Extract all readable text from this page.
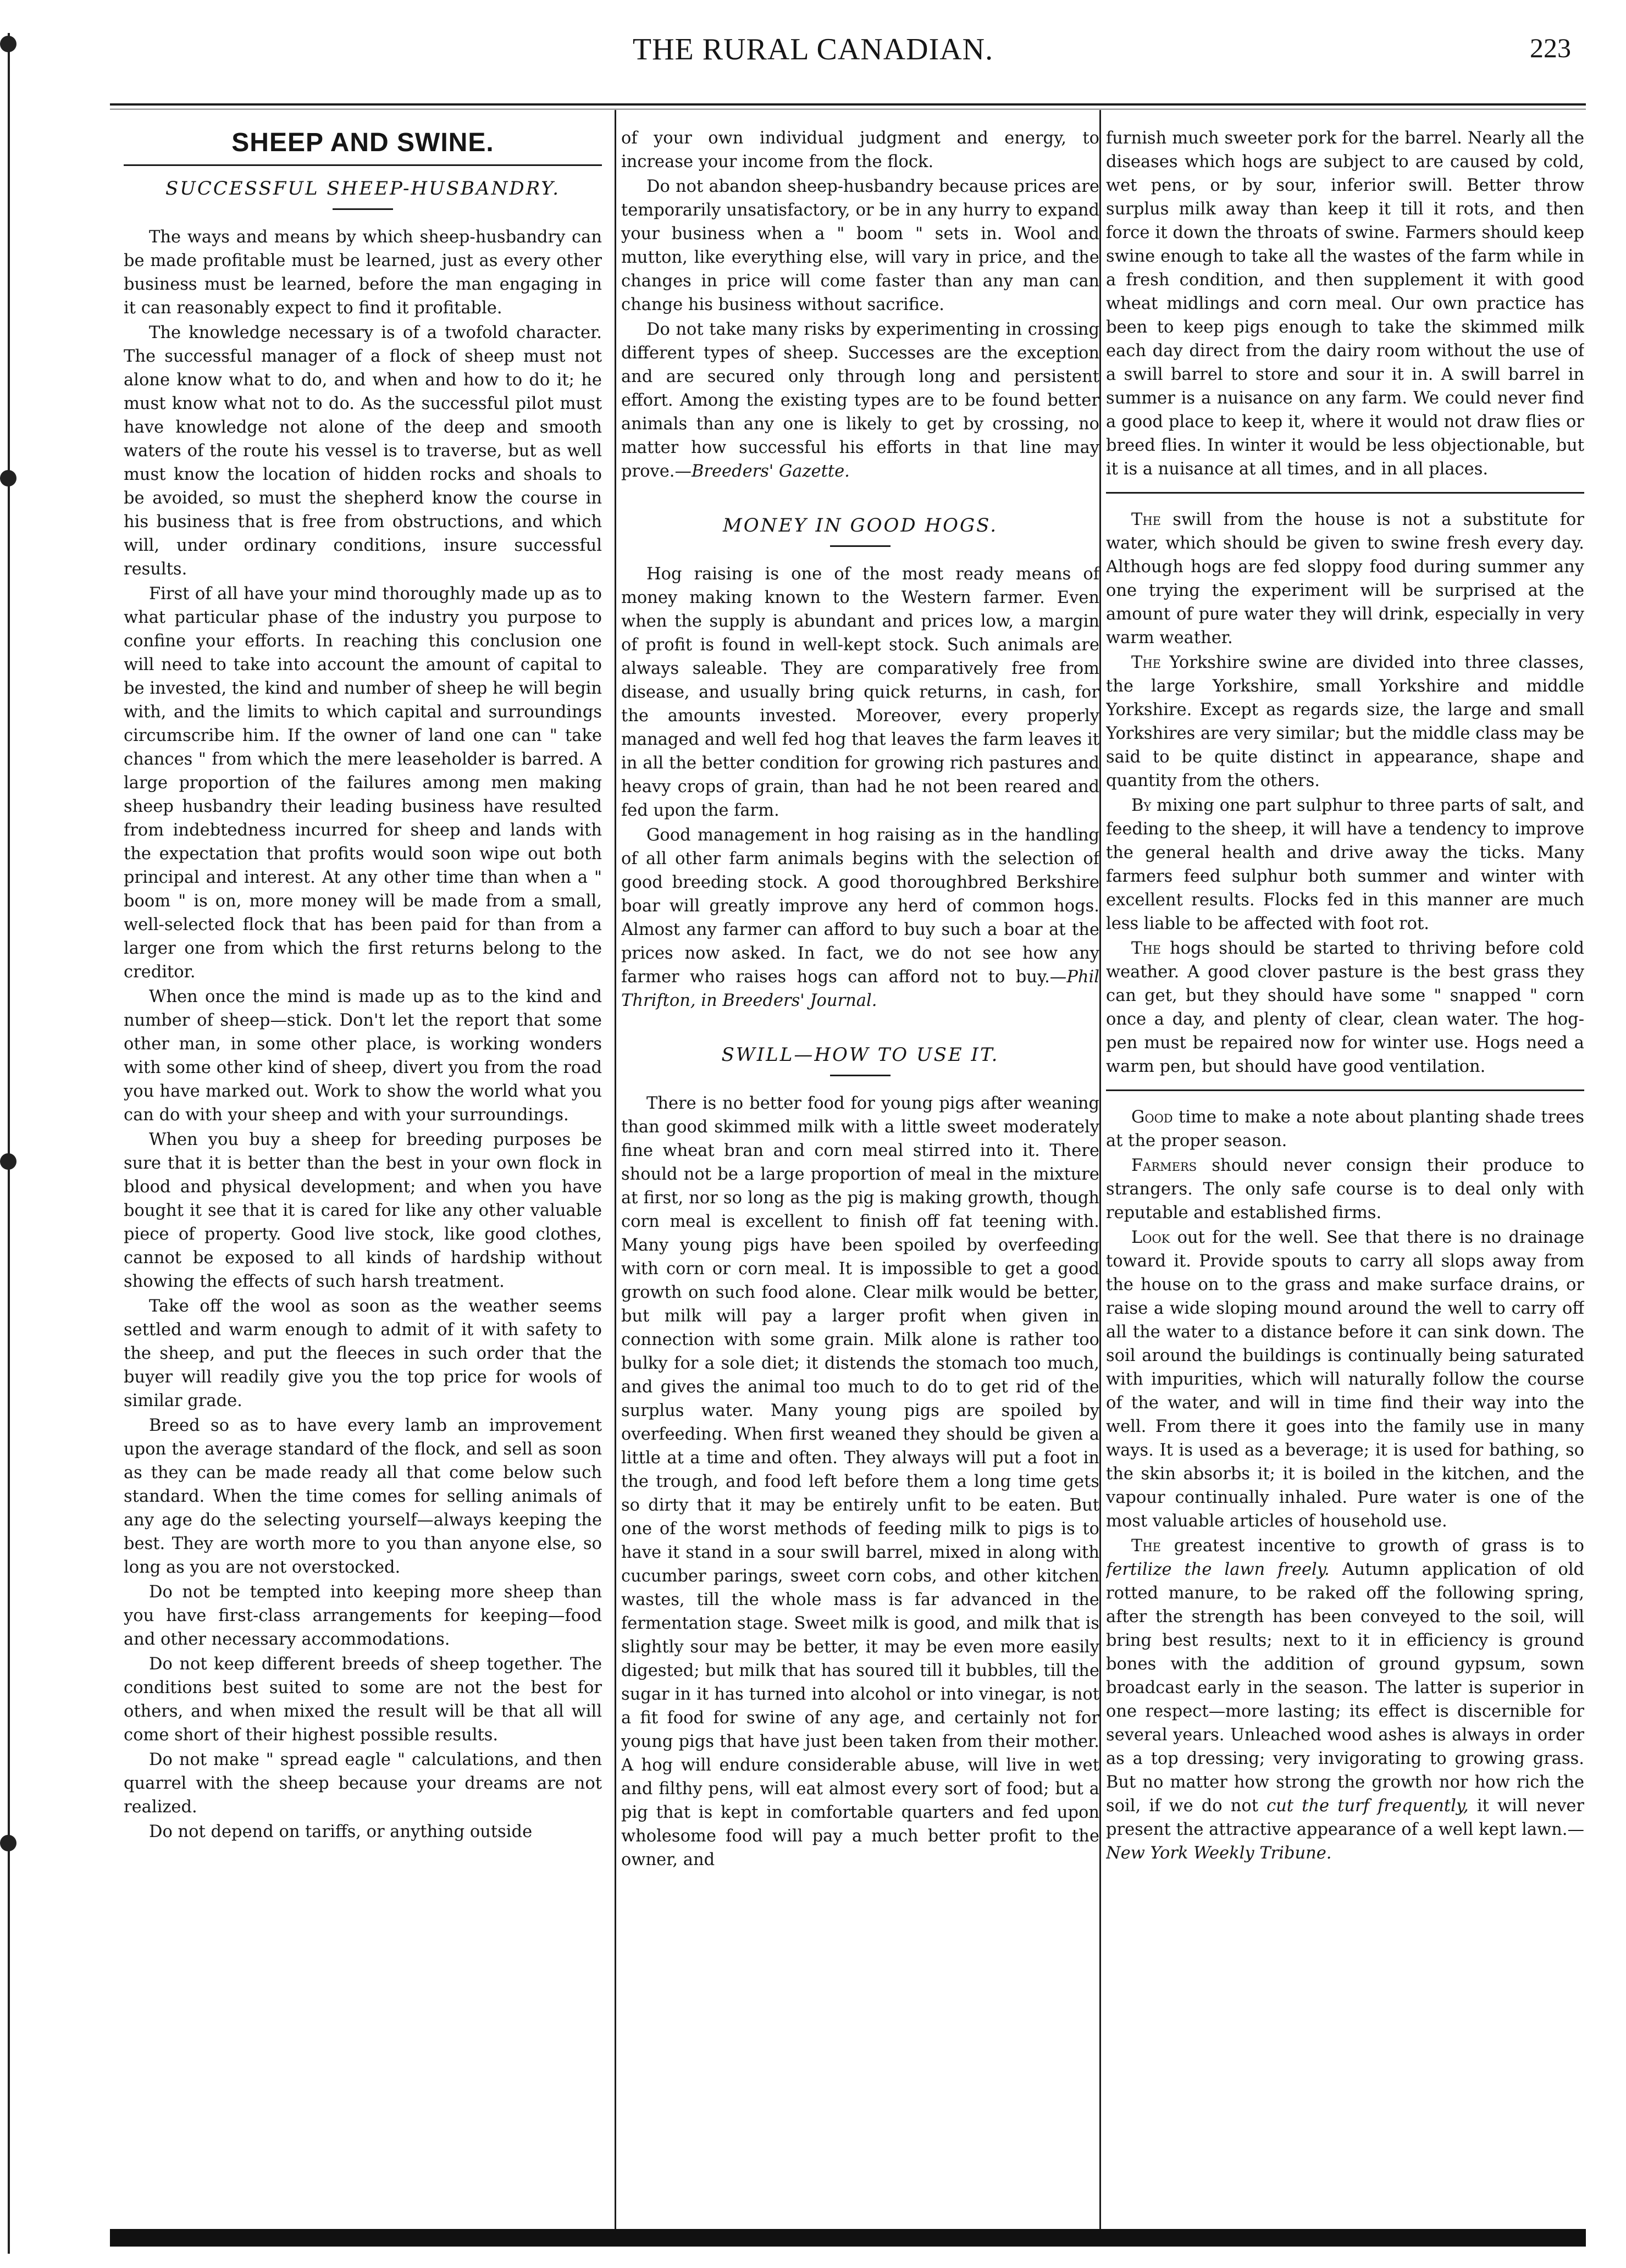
THE RURAL CANADIAN.	223
SHEEP AND SWINE.
SUCCESSFUL SHEEP-HUSBANDRY.

The ways and means by which sheep-husbandry can be made profitable must be learned, just as every other business must be learned, before the man engaging in it can reasonably expect to find it profitable.

The knowledge necessary is of a twofold character. The successful manager of a flock of sheep must not alone know what to do, and when and how to do it; he must know what not to do. As the successful pilot must have knowledge not alone of the deep and smooth waters of the route his vessel is to traverse, but as well must know the location of hidden rocks and shoals to be avoided, so must the shepherd know the course in his business that is free from obstructions, and which will, under ordinary conditions, insure successful results.

First of all have your mind thoroughly made up as to what particular phase of the industry you purpose to confine your efforts. In reaching this conclusion one will need to take into account the amount of capital to be invested, the kind and number of sheep he will begin with, and the limits to which capital and surroundings circumscribe him. If the owner of land one can " take chances " from which the mere leaseholder is barred. A large proportion of the failures among men making sheep husbandry their leading business have resulted from indebtedness incurred for sheep and lands with the expectation that profits would soon wipe out both principal and interest. At any other time than when a " boom " is on, more money will be made from a small, well-selected flock that has been paid for than from a larger one from which the first returns belong to the creditor.

When once the mind is made up as to the kind and number of sheep—stick. Don't let the report that some other man, in some other place, is working wonders with some other kind of sheep, divert you from the road you have marked out. Work to show the world what you can do with your sheep and with your surroundings.

When you buy a sheep for breeding purposes be sure that it is better than the best in your own flock in blood and physical development; and when you have bought it see that it is cared for like any other valuable piece of property. Good live stock, like good clothes, cannot be exposed to all kinds of hardship without showing the effects of such harsh treatment.

Take off the wool as soon as the weather seems settled and warm enough to admit of it with safety to the sheep, and put the fleeces in such order that the buyer will readily give you the top price for wools of similar grade.

Breed so as to have every lamb an improvement upon the average standard of the flock, and sell as soon as they can be made ready all that come below such standard. When the time comes for selling animals of any age do the selecting yourself—always keeping the best. They are worth more to you than anyone else, so long as you are not overstocked.

Do not be tempted into keeping more sheep than you have first-class arrangements for keeping—food and other necessary accommodations.

Do not keep different breeds of sheep together. The conditions best suited to some are not the best for others, and when mixed the result will be that all will come short of their highest possible results.

Do not make " spread eagle " calculations, and then quarrel with the sheep because your dreams are not realized.

Do not depend on tariffs, or anything outside

of your own individual judgment and energy, to increase your income from the flock.

Do not abandon sheep-husbandry because prices are temporarily unsatisfactory, or be in any hurry to expand your business when a " boom " sets in. Wool and mutton, like everything else, will vary in price, and the changes in price will come faster than any man can change his business without sacrifice.

Do not take many risks by experimenting in crossing different types of sheep. Successes are the exception and are secured only through long and persistent effort. Among the existing types are to be found better animals than any one is likely to get by crossing, no matter how successful his efforts in that line may prove.—Breeders' Gazette.

MONEY IN GOOD HOGS.

Hog raising is one of the most ready means of money making known to the Western farmer. Even when the supply is abundant and prices low, a margin of profit is found in well-kept stock. Such animals are always saleable. They are comparatively free from disease, and usually bring quick returns, in cash, for the amounts invested. Moreover, every properly managed and well fed hog that leaves the farm leaves it in all the better condition for growing rich pastures and heavy crops of grain, than had he not been reared and fed upon the farm.

Good management in hog raising as in the handling of all other farm animals begins with the selection of good breeding stock. A good thoroughbred Berkshire boar will greatly improve any herd of common hogs. Almost any farmer can afford to buy such a boar at the prices now asked. In fact, we do not see how any farmer who raises hogs can afford not to buy.—Phil Thrifton, in Breeders' Journal.

SWILL—HOW TO USE IT.

There is no better food for young pigs after weaning than good skimmed milk with a little sweet moderately fine wheat bran and corn meal stirred into it. There should not be a large proportion of meal in the mixture at first, nor so long as the pig is making growth, though corn meal is excellent to finish off fat teening with. Many young pigs have been spoiled by overfeeding with corn or corn meal. It is impossible to get a good growth on such food alone. Clear milk would be better, but milk will pay a larger profit when given in connection with some grain. Milk alone is rather too bulky for a sole diet; it distends the stomach too much, and gives the animal too much to do to get rid of the surplus water. Many young pigs are spoiled by overfeeding. When first weaned they should be given a little at a time and often. They always will put a foot in the trough, and food left before them a long time gets so dirty that it may be entirely unfit to be eaten. But one of the worst methods of feeding milk to pigs is to have it stand in a sour swill barrel, mixed in along with cucumber parings, sweet corn cobs, and other kitchen wastes, till the whole mass is far advanced in the fermentation stage. Sweet milk is good, and milk that is slightly sour may be better, it may be even more easily digested; but milk that has soured till it bubbles, till the sugar in it has turned into alcohol or into vinegar, is not a fit food for swine of any age, and certainly not for young pigs that have just been taken from their mother. A hog will endure considerable abuse, will live in wet and filthy pens, will eat almost every sort of food; but a pig that is kept in comfortable quarters and fed upon wholesome food will pay a much better profit to the owner, and

furnish much sweeter pork for the barrel. Nearly all the diseases which hogs are subject to are caused by cold, wet pens, or by sour, inferior swill. Better throw surplus milk away than keep it till it rots, and then force it down the throats of swine. Farmers should keep swine enough to take all the wastes of the farm while in a fresh condition, and then supplement it with good wheat midlings and corn meal. Our own practice has been to keep pigs enough to take the skimmed milk each day direct from the dairy room without the use of a swill barrel to store and sour it in. A swill barrel in summer is a nuisance on any farm. We could never find a good place to keep it, where it would not draw flies or breed flies. In winter it would be less objectionable, but it is a nuisance at all times, and in all places.

The swill from the house is not a substitute for water, which should be given to swine fresh every day. Although hogs are fed sloppy food during summer any one trying the experiment will be surprised at the amount of pure water they will drink, especially in very warm weather.

The Yorkshire swine are divided into three classes, the large Yorkshire, small Yorkshire and middle Yorkshire. Except as regards size, the large and small Yorkshires are very similar; but the middle class may be said to be quite distinct in appearance, shape and quantity from the others.

By mixing one part sulphur to three parts of salt, and feeding to the sheep, it will have a tendency to improve the general health and drive away the ticks. Many farmers feed sulphur both summer and winter with excellent results. Flocks fed in this manner are much less liable to be affected with foot rot.

The hogs should be started to thriving before cold weather. A good clover pasture is the best grass they can get, but they should have some " snapped " corn once a day, and plenty of clear, clean water. The hog-pen must be repaired now for winter use. Hogs need a warm pen, but should have good ventilation.

Good time to make a note about planting shade trees at the proper season.

Farmers should never consign their produce to strangers. The only safe course is to deal only with reputable and established firms.

Look out for the well. See that there is no drainage toward it. Provide spouts to carry all slops away from the house on to the grass and make surface drains, or raise a wide sloping mound around the well to carry off all the water to a distance before it can sink down. The soil around the buildings is continually being saturated with impurities, which will naturally follow the course of the water, and will in time find their way into the well. From there it goes into the family use in many ways. It is used as a beverage; it is used for bathing, so the skin absorbs it; it is boiled in the kitchen, and the vapour continually inhaled. Pure water is one of the most valuable articles of household use.

The greatest incentive to growth of grass is to fertilize the lawn freely. Autumn application of old rotted manure, to be raked off the following spring, after the strength has been conveyed to the soil, will bring best results; next to it in efficiency is ground bones with the addition of ground gypsum, sown broadcast early in the season. The latter is superior in one respect—more lasting; its effect is discernible for several years. Unleached wood ashes is always in order as a top dressing; very invigorating to growing grass. But no matter how strong the growth nor how rich the soil, if we do not cut the turf frequently, it will never present the attractive appearance of a well kept lawn.—New York Weekly Tribune.
